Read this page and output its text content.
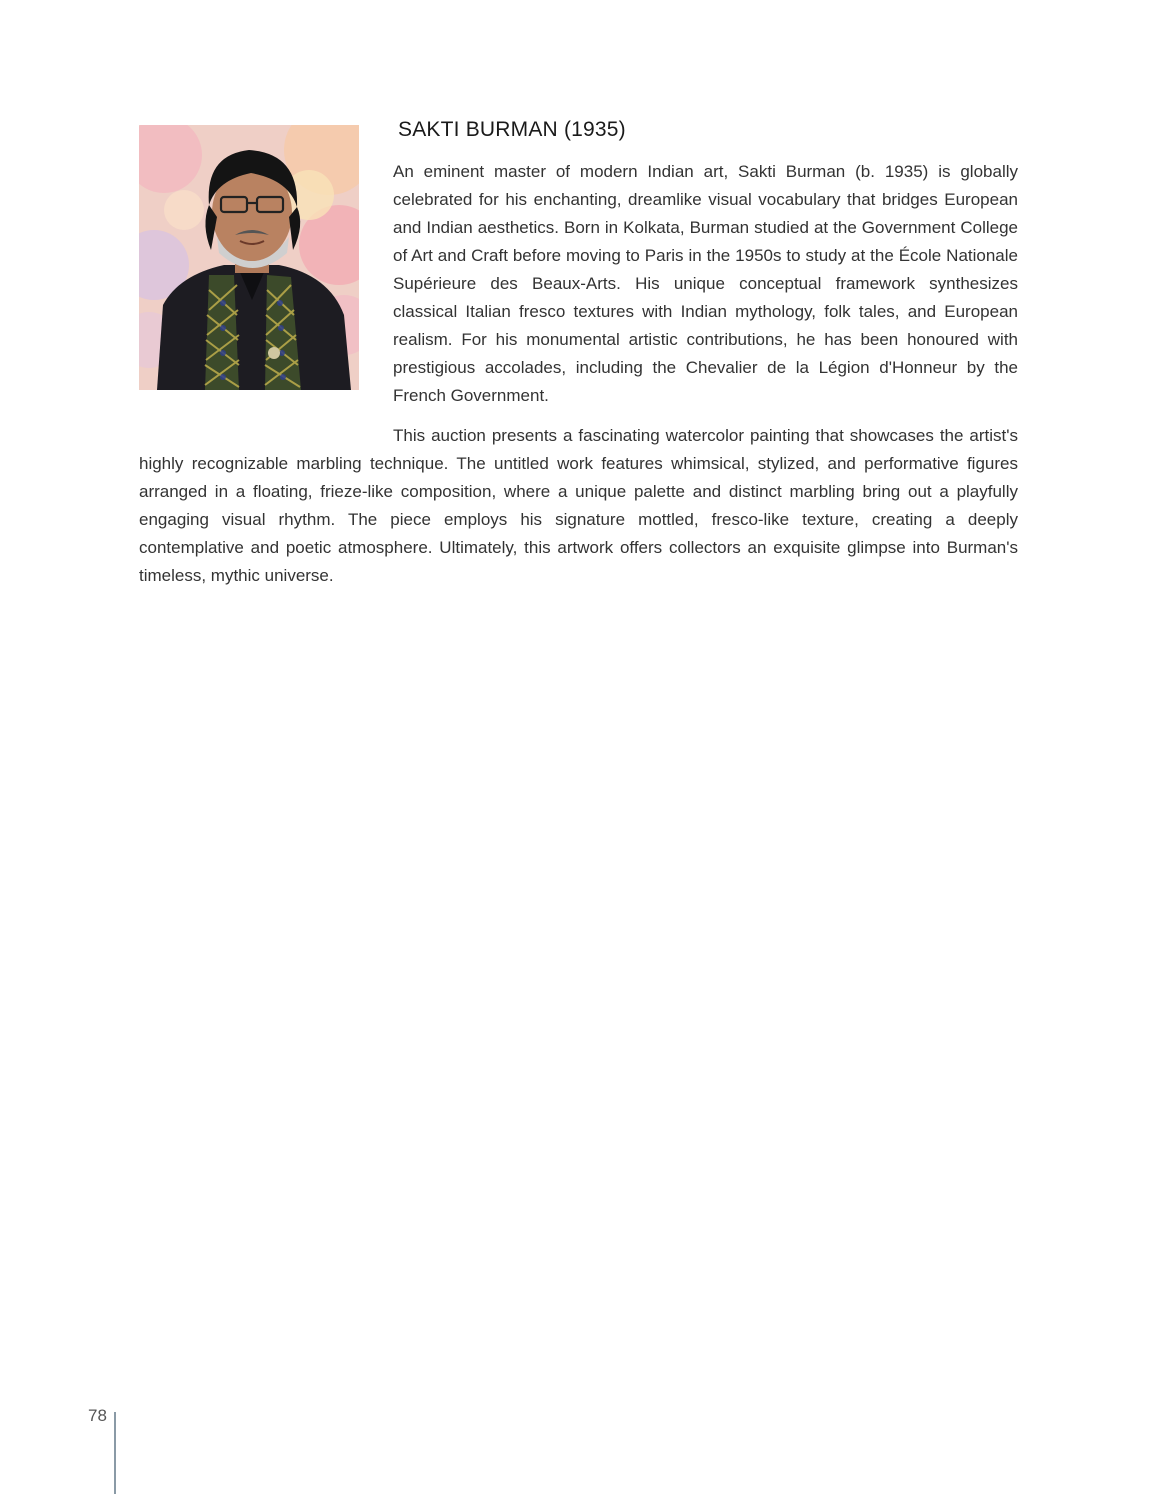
SAKTI BURMAN (1935)

An eminent master of modern Indian art, Sakti Burman (b. 1935) is globally celebrated for his enchanting, dreamlike visual vocabulary that bridges European and Indian aesthetics. Born in Kolkata, Burman studied at the Government College of Art and Craft before moving to Paris in the 1950s to study at the École Nationale Supérieure des Beaux-Arts. His unique conceptual framework synthesizes classical Italian fresco textures with Indian mythology, folk tales, and European realism. For his monumental artistic contributions, he has been honoured with prestigious accolades, including the Chevalier de la Légion d'Honneur by the French Government.

This auction presents a fascinating watercolor painting that showcases the artist's highly recognizable marbling technique. The untitled work features whimsical, stylized, and performative figures arranged in a floating, frieze-like composition, where a unique palette and distinct marbling bring out a playfully engaging visual rhythm. The piece employs his signature mottled, fresco-like texture, creating a deeply contemplative and poetic atmosphere. Ultimately, this artwork offers collectors an exquisite glimpse into Burman's timeless, mythic universe.

78
